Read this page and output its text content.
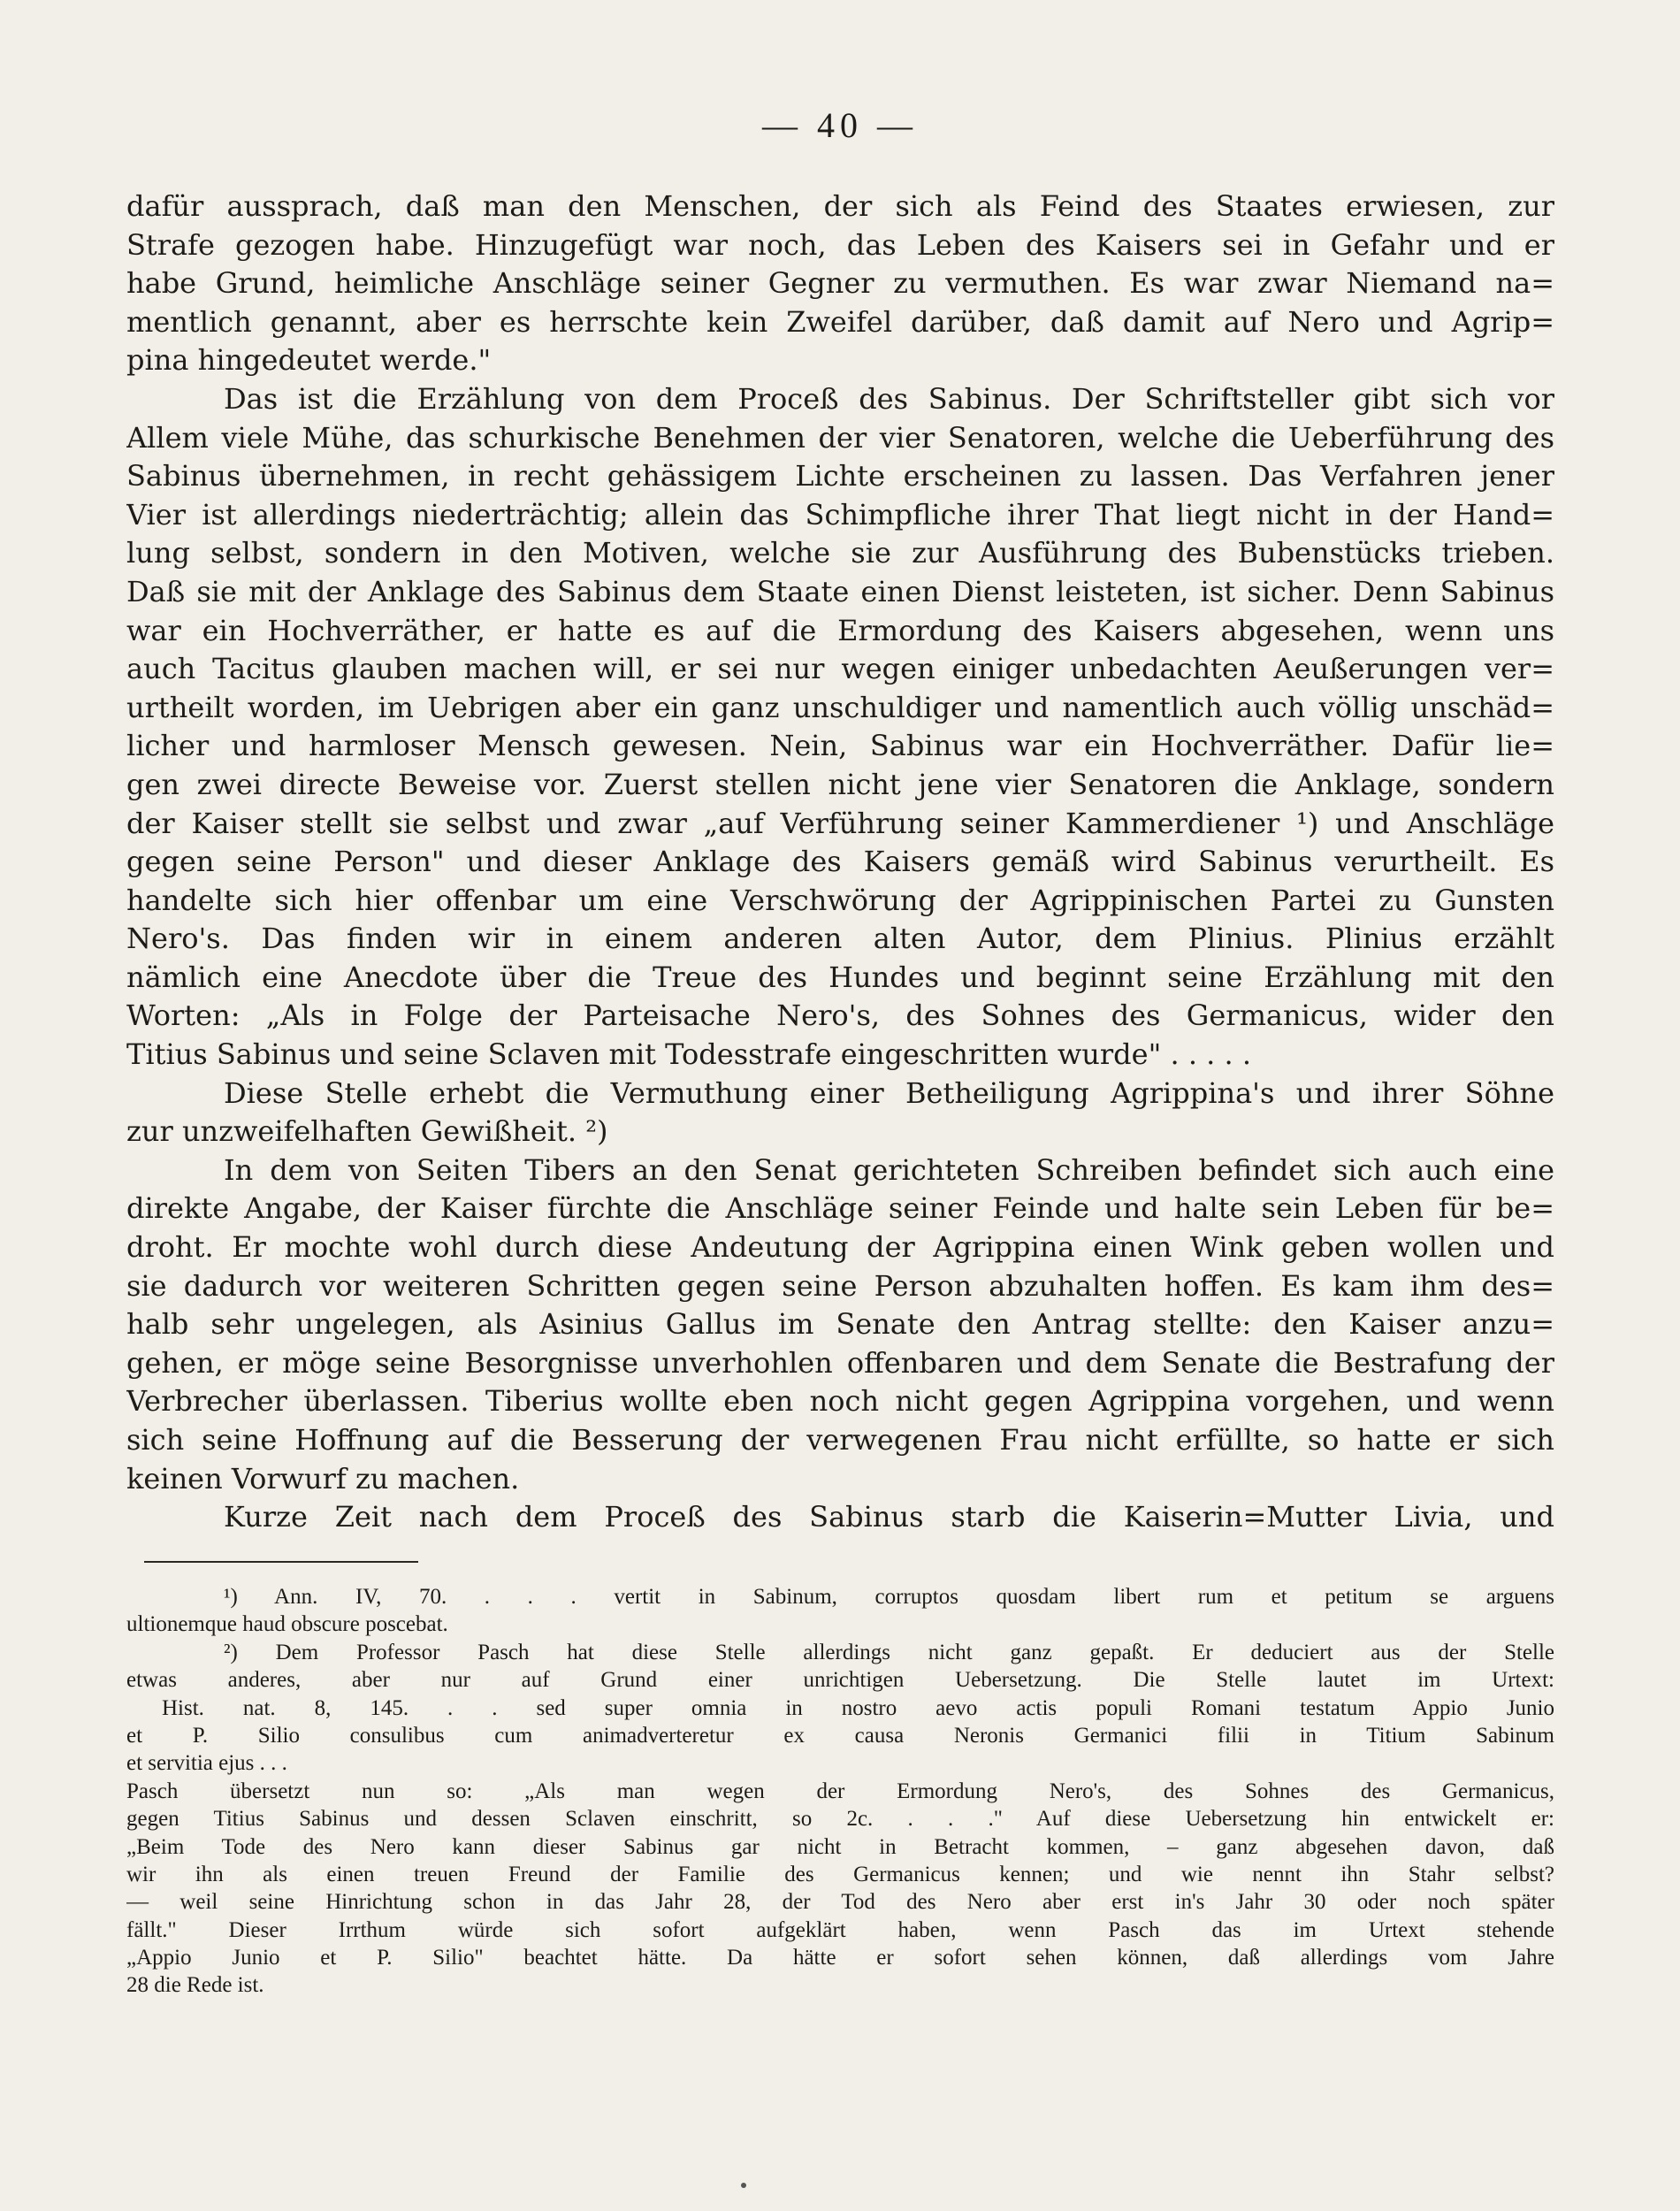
— 40 —
dafür aussprach, daß man den Menschen, der sich als Feind des Staates erwiesen, zur
Strafe gezogen habe. Hinzugefügt war noch, das Leben des Kaisers sei in Gefahr und er
habe Grund, heimliche Anschläge seiner Gegner zu vermuthen. Es war zwar Niemand na=
mentlich genannt, aber es herrschte kein Zweifel darüber, daß damit auf Nero und Agrip=
pina hingedeutet werde."
Das ist die Erzählung von dem Proceß des Sabinus. Der Schriftsteller gibt sich vor
Allem viele Mühe, das schurkische Benehmen der vier Senatoren, welche die Ueberführung des
Sabinus übernehmen, in recht gehässigem Lichte erscheinen zu lassen. Das Verfahren jener
Vier ist allerdings niederträchtig; allein das Schimpfliche ihrer That liegt nicht in der Hand=
lung selbst, sondern in den Motiven, welche sie zur Ausführung des Bubenstücks trieben.
Daß sie mit der Anklage des Sabinus dem Staate einen Dienst leisteten, ist sicher. Denn Sabinus
war ein Hochverräther, er hatte es auf die Ermordung des Kaisers abgesehen, wenn uns
auch Tacitus glauben machen will, er sei nur wegen einiger unbedachten Aeußerungen ver=
urtheilt worden, im Uebrigen aber ein ganz unschuldiger und namentlich auch völlig unschäd=
licher und harmloser Mensch gewesen. Nein, Sabinus war ein Hochverräther. Dafür lie=
gen zwei directe Beweise vor. Zuerst stellen nicht jene vier Senatoren die Anklage, sondern
der Kaiser stellt sie selbst und zwar „auf Verführung seiner Kammerdiener ¹) und Anschläge
gegen seine Person" und dieser Anklage des Kaisers gemäß wird Sabinus verurtheilt. Es
handelte sich hier offenbar um eine Verschwörung der Agrippinischen Partei zu Gunsten
Nero's. Das finden wir in einem anderen alten Autor, dem Plinius. Plinius erzählt
nämlich eine Anecdote über die Treue des Hundes und beginnt seine Erzählung mit den
Worten: „Als in Folge der Parteisache Nero's, des Sohnes des Germanicus, wider den
Titius Sabinus und seine Sclaven mit Todesstrafe eingeschritten wurde" . . . . .
Diese Stelle erhebt die Vermuthung einer Betheiligung Agrippina's und ihrer Söhne
zur unzweifelhaften Gewißheit. ²)
In dem von Seiten Tibers an den Senat gerichteten Schreiben befindet sich auch eine
direkte Angabe, der Kaiser fürchte die Anschläge seiner Feinde und halte sein Leben für be=
droht. Er mochte wohl durch diese Andeutung der Agrippina einen Wink geben wollen und
sie dadurch vor weiteren Schritten gegen seine Person abzuhalten hoffen. Es kam ihm des=
halb sehr ungelegen, als Asinius Gallus im Senate den Antrag stellte: den Kaiser anzu=
gehen, er möge seine Besorgnisse unverhohlen offenbaren und dem Senate die Bestrafung der
Verbrecher überlassen. Tiberius wollte eben noch nicht gegen Agrippina vorgehen, und wenn
sich seine Hoffnung auf die Besserung der verwegenen Frau nicht erfüllte, so hatte er sich
keinen Vorwurf zu machen.
Kurze Zeit nach dem Proceß des Sabinus starb die Kaiserin=Mutter Livia, und
¹) Ann. IV, 70. . . . vertit in Sabinum, corruptos quosdam libert rum et petitum se arguens
ultionemque haud obscure poscebat.
²) Dem Professor Pasch hat diese Stelle allerdings nicht ganz gepaßt. Er deduciert aus der Stelle
etwas anderes, aber nur auf Grund einer unrichtigen Uebersetzung. Die Stelle lautet im Urtext:
Hist. nat. 8, 145. . . sed super omnia in nostro aevo actis populi Romani testatum Appio Junio
et P. Silio consulibus cum animadverteretur ex causa Neronis Germanici filii in Titium Sabinum
et servitia ejus . . .
Pasch übersetzt nun so: „Als man wegen der Ermordung Nero's, des Sohnes des Germanicus,
gegen Titius Sabinus und dessen Sclaven einschritt, so 2c. . . ." Auf diese Uebersetzung hin entwickelt er:
„Beim Tode des Nero kann dieser Sabinus gar nicht in Betracht kommen, – ganz abgesehen davon, daß
wir ihn als einen treuen Freund der Familie des Germanicus kennen; und wie nennt ihn Stahr selbst?
— weil seine Hinrichtung schon in das Jahr 28, der Tod des Nero aber erst in's Jahr 30 oder noch später
fällt." Dieser Irrthum würde sich sofort aufgeklärt haben, wenn Pasch das im Urtext stehende
„Appio Junio et P. Silio" beachtet hätte. Da hätte er sofort sehen können, daß allerdings vom Jahre
28 die Rede ist.
